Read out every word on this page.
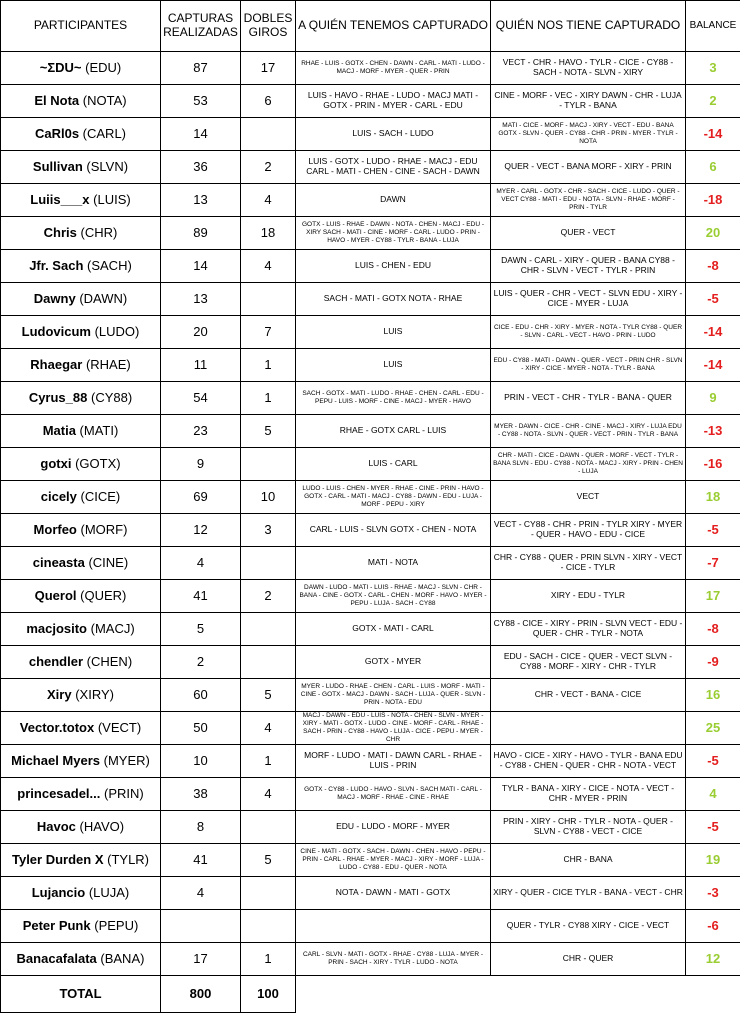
PARTICIPANTES	CAPTURAS REALIZADAS	DOBLES GIROS	A QUIÉN TENEMOS CAPTURADO	QUIÉN NOS TIENE CAPTURADO	BALANCE
~ΣDU~ (EDU)	87	17	RHAE - LUIS - GOTX - CHEN - DAWN - CARL - MATI - LUDO - MACJ - MORF - MYER - QUER - PRIN	VECT - CHR - HAVO - TYLR - CICE - CY88 - SACH - NOTA - SLVN - XIRY	3
El Nota (NOTA)	53	6	LUIS - HAVO - RHAE - LUDO - MACJ MATI - GOTX - PRIN - MYER - CARL - EDU	CINE - MORF - VEC - XIRY DAWN - CHR - LUJA - TYLR - BANA	2
CaRl0s (CARL)	14		LUIS - SACH - LUDO	MATI - CICE - MORF - MACJ - XIRY - VECT - EDU - BANA GOTX - SLVN - QUER - CY88 - CHR - PRIN - MYER - TYLR - NOTA	-14
Sullivan (SLVN)	36	2	LUIS - GOTX - LUDO - RHAE - MACJ - EDU CARL - MATI - CHEN - CINE - SACH - DAWN	QUER - VECT - BANA MORF - XIRY - PRIN	6
Luiis___x (LUIS)	13	4	DAWN	MYER - CARL - GOTX - CHR - SACH - CICE - LUDO - QUER - VECT CY88 - MATI - EDU - NOTA - SLVN - RHAE - MORF - PRIN - TYLR	-18
Chris (CHR)	89	18	GOTX - LUIS - RHAE - DAWN - NOTA - CHEN - MACJ - EDU - XIRY SACH - MATI - CINE - MORF - CARL - LUDO - PRIN - HAVO - MYER - CY88 - TYLR - BANA - LUJA	QUER - VECT	20
Jfr. Sach (SACH)	14	4	LUIS - CHEN - EDU	DAWN - CARL - XIRY - QUER - BANA CY88 - CHR - SLVN - VECT - TYLR - PRIN	-8
Dawny (DAWN)	13		SACH - MATI - GOTX NOTA - RHAE	LUIS - QUER - CHR - VECT - SLVN EDU - XIRY - CICE - MYER - LUJA	-5
Ludovicum (LUDO)	20	7	LUIS	CICE - EDU - CHR - XIRY - MYER - NOTA - TYLR CY88 - QUER - SLVN - CARL - VECT - HAVO - PRIN - LUDO	-14
Rhaegar (RHAE)	11	1	LUIS	EDU - CY88 - MATI - DAWN - QUER - VECT - PRIN CHR - SLVN - XIRY - CICE - MYER - NOTA - TYLR - BANA	-14
Cyrus_88 (CY88)	54	1	SACH - GOTX - MATI - LUDO - RHAE - CHEN - CARL - EDU - PEPU - LUIS - MORF - CINE - MACJ - MYER - HAVO	PRIN - VECT - CHR - TYLR - BANA - QUER	9
Matia (MATI)	23	5	RHAE - GOTX CARL - LUIS	MYER - DAWN - CICE - CHR - CINE - MACJ - XIRY - LUJA EDU - CY88 - NOTA - SLVN - QUER - VECT - PRIN - TYLR - BANA	-13
gotxi (GOTX)	9		LUIS - CARL	CHR - MATI - CICE - DAWN - QUER - MORF - VECT - TYLR - BANA SLVN - EDU - CY88 - NOTA - MACJ - XIRY - PRIN - CHEN - LUJA	-16
cicely (CICE)	69	10	LUDO - LUIS - CHEN - MYER - RHAE - CINE - PRIN - HAVO - GOTX - CARL - MATI - MACJ - CY88 - DAWN - EDU - LUJA - MORF - PEPU - XIRY	VECT	18
Morfeo (MORF)	12	3	CARL - LUIS - SLVN GOTX - CHEN - NOTA	VECT - CY88 - CHR - PRIN - TYLR XIRY - MYER - QUER - HAVO - EDU - CICE	-5
cineasta (CINE)	4		MATI - NOTA	CHR - CY88 - QUER - PRIN SLVN - XIRY - VECT - CICE - TYLR	-7
Querol (QUER)	41	2	DAWN - LUDO - MATI - LUIS - RHAE - MACJ - SLVN - CHR - BANA - CINE - GOTX - CARL - CHEN - MORF - HAVO - MYER - PEPU - LUJA - SACH - CY88	XIRY - EDU - TYLR	17
macjosito (MACJ)	5		GOTX - MATI - CARL	CY88 - CICE - XIRY - PRIN - SLVN VECT - EDU - QUER - CHR - TYLR - NOTA	-8
chendler (CHEN)	2		GOTX - MYER	EDU - SACH - CICE - QUER - VECT SLVN - CY88 - MORF - XIRY - CHR - TYLR	-9
Xiry (XIRY)	60	5	MYER - LUDO - RHAE - CHEN - CARL - LUIS - MORF - MATI - CINE - GOTX - MACJ - DAWN - SACH - LUJA - QUER - SLVN - PRIN - NOTA - EDU	CHR - VECT - BANA - CICE	16
Vector.totox (VECT)	50	4	MACJ - DAWN - EDU - LUIS - NOTA - CHEN - SLVN - MYER - XIRY - MATI - GOTX - LUDO - CINE - MORF - CARL - RHAE - SACH - PRIN - CY88 - HAVO - LUJA - CICE - PEPU - MYER - CHR		25
Michael Myers (MYER)	10	1	MORF - LUDO - MATI - DAWN CARL - RHAE - LUIS - PRIN	HAVO - CICE - XIRY - HAVO - TYLR - BANA EDU - CY88 - CHEN - QUER - CHR - NOTA - VECT	-5
princesadel... (PRIN)	38	4	GOTX - CY88 - LUDO - HAVO - SLVN - SACH MATI - CARL - MACJ - MORF - RHAE - CINE - RHAE	TYLR - BANA - XIRY - CICE - NOTA - VECT - CHR - MYER - PRIN	4
Havoc (HAVO)	8		EDU - LUDO - MORF - MYER	PRIN - XIRY - CHR - TYLR - NOTA - QUER - SLVN - CY88 - VECT - CICE	-5
Tyler Durden X (TYLR)	41	5	CINE - MATI - GOTX - SACH - DAWN - CHEN - HAVO - PEPU - PRIN - CARL - RHAE - MYER - MACJ - XIRY - MORF - LUJA - LUDO - CY88 - EDU - QUER - NOTA	CHR - BANA	19
Lujancio (LUJA)	4		NOTA - DAWN - MATI - GOTX	XIRY - QUER - CICE TYLR - BANA - VECT - CHR	-3
Peter Punk (PEPU)				QUER - TYLR - CY88 XIRY - CICE - VECT	-6
Banacafalata (BANA)	17	1	CARL - SLVN - MATI - GOTX - RHAE - CY88 - LUJA - MYER - PRIN - SACH - XIRY - TYLR - LUDO - NOTA	CHR - QUER	12
TOTAL	800	100			
